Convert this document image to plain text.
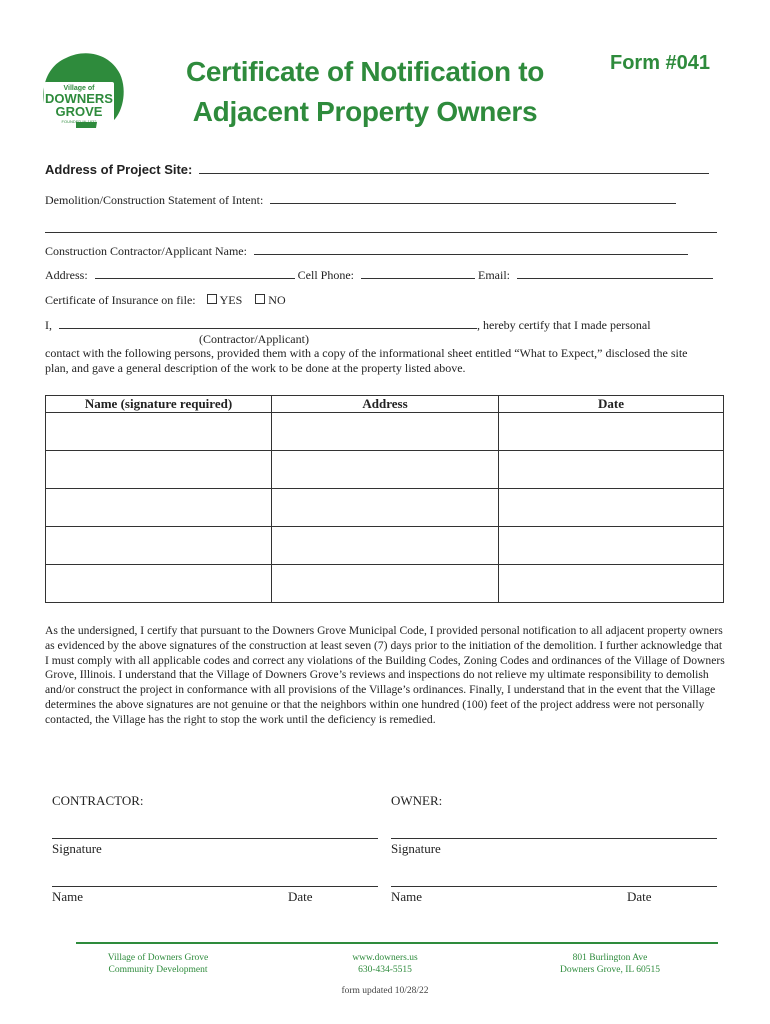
Village of
DOWNERS
GROVE
FOUNDED IN 1832
Certificate of Notification to
Adjacent Property Owners
Form #041
Address of Project Site:
Demolition/Construction Statement of Intent:
Construction Contractor/Applicant Name:
Address:	Cell Phone:	Email:
Certificate of Insurance on file: YES NO
I,	, hereby certify that I made personal
(Contractor/Applicant)
contact with the following persons, provided them with a copy of the informational sheet entitled “What to Expect,” disclosed the site plan, and gave a general description of the work to be done at the property listed above.
Name (signature required)	Address	Date

As the undersigned, I certify that pursuant to the Downers Grove Municipal Code, I provided personal notification to all adjacent property owners as evidenced by the above signatures of the construction at least seven (7) days prior to the initiation of the demolition. I further acknowledge that I must comply with all applicable codes and correct any violations of the Building Codes, Zoning Codes and ordinances of the Village of Downers Grove, Illinois. I understand that the Village of Downers Grove’s reviews and inspections do not relieve my ultimate responsibility to demolish and/or construct the project in conformance with all provisions of the Village’s ordinances. Finally, I understand that in the event that the Village determines the above signatures are not genuine or that the neighbors within one hundred (100) feet of the project address were not personally contacted, the Village has the right to stop the work until the deficiency is remedied.
CONTRACTOR:	OWNER:
Signature	Signature
Name	Date	Name	Date
Village of Downers Grove
Community Development
www.downers.us
630-434-5515
801 Burlington Ave
Downers Grove, IL 60515
form updated 10/28/22
